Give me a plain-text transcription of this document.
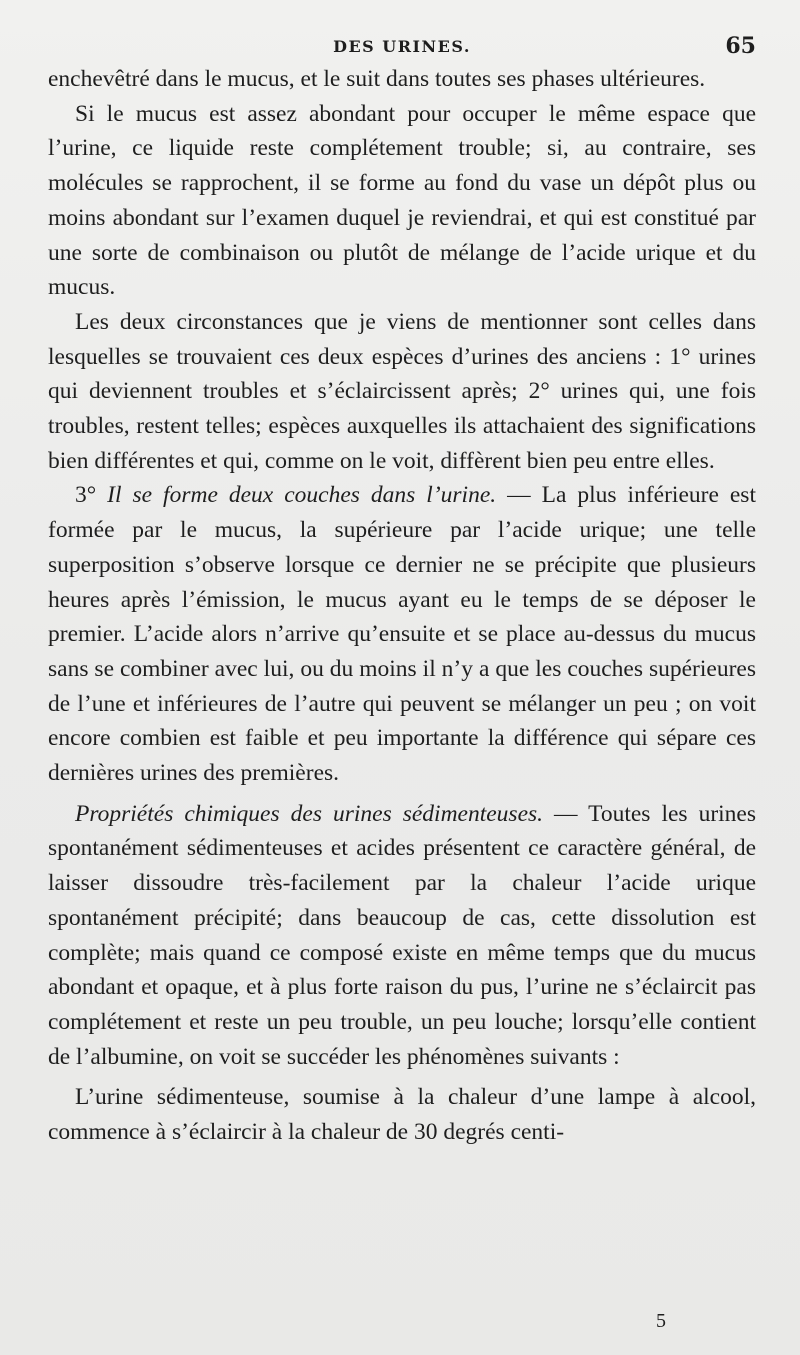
DES URINES.	65

enchevêtré dans le mucus, et le suit dans toutes ses phases ultérieures.

Si le mucus est assez abondant pour occuper le même espace que l’urine, ce liquide reste complétement trouble; si, au contraire, ses molécules se rapprochent, il se forme au fond du vase un dépôt plus ou moins abondant sur l’examen duquel je reviendrai, et qui est constitué par une sorte de combinaison ou plutôt de mélange de l’acide urique et du mucus.

Les deux circonstances que je viens de mentionner sont celles dans lesquelles se trouvaient ces deux espèces d’urines des anciens : 1° urines qui deviennent troubles et s’éclaircissent après; 2° urines qui, une fois troubles, restent telles; espèces auxquelles ils attachaient des significations bien différentes et qui, comme on le voit, diffèrent bien peu entre elles.

3° Il se forme deux couches dans l’urine. — La plus inférieure est formée par le mucus, la supérieure par l’acide urique; une telle superposition s’observe lorsque ce dernier ne se précipite que plusieurs heures après l’émission, le mucus ayant eu le temps de se déposer le premier. L’acide alors n’arrive qu’ensuite et se place au-dessus du mucus sans se combiner avec lui, ou du moins il n’y a que les couches supérieures de l’une et inférieures de l’autre qui peuvent se mélanger un peu ; on voit encore combien est faible et peu importante la différence qui sépare ces dernières urines des premières.

Propriétés chimiques des urines sédimenteuses. — Toutes les urines spontanément sédimenteuses et acides présentent ce caractère général, de laisser dissoudre très-facilement par la chaleur l’acide urique spontanément précipité; dans beaucoup de cas, cette dissolution est complète; mais quand ce composé existe en même temps que du mucus abondant et opaque, et à plus forte raison du pus, l’urine ne s’éclaircit pas complétement et reste un peu trouble, un peu louche; lorsqu’elle contient de l’albumine, on voit se succéder les phénomènes suivants :

L’urine sédimenteuse, soumise à la chaleur d’une lampe à alcool, commence à s’éclaircir à la chaleur de 30 degrés centi-

5
